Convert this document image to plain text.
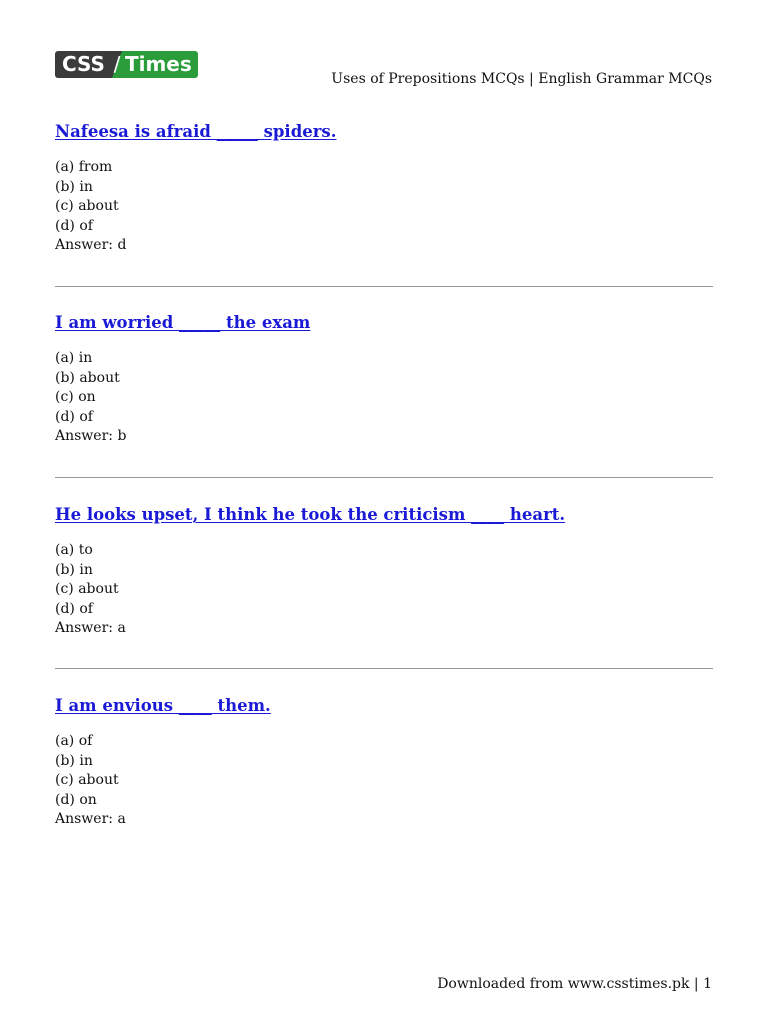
CSS / Times
Uses of Prepositions MCQs | English Grammar MCQs
Nafeesa is afraid _____ spiders.
(a) from
(b) in
(c) about
(d) of
Answer: d
I am worried _____ the exam
(a) in
(b) about
(c) on
(d) of
Answer: b
He looks upset, I think he took the criticism ____ heart.
(a) to
(b) in
(c) about
(d) of
Answer: a
I am envious ____ them.
(a) of
(b) in
(c) about
(d) on
Answer: a
Downloaded from www.csstimes.pk | 1
